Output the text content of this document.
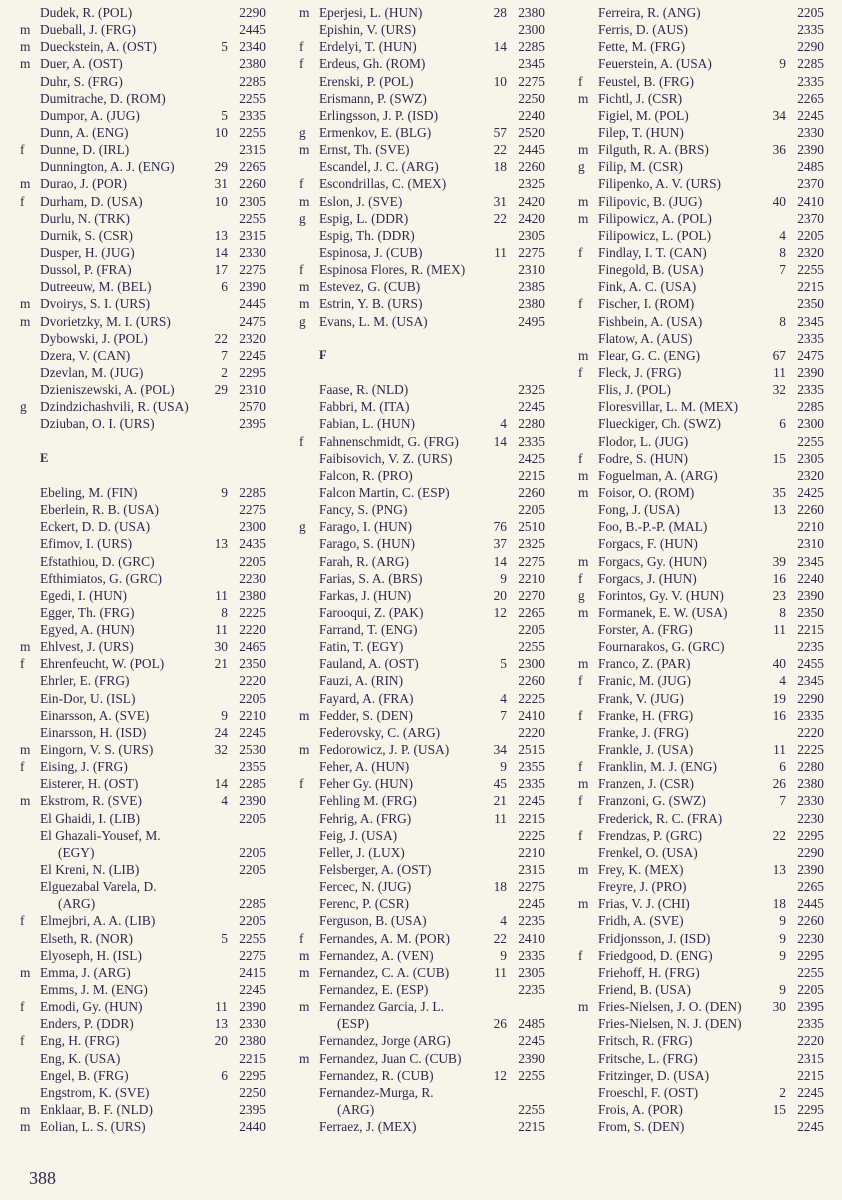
Dudek, R. (POL)	2290
m Dueball, J. (FRG)	2445
m Dueckstein, A. (OST)	5 2340
m Duer, A. (OST)	2380
Duhr, S. (FRG)	2285
Dumitrache, D. (ROM)	2255
Dumpor, A. (JUG)	5 2335
Dunn, A. (ENG)	10 2255
f	Dunne, D. (IRL)	2315
Dunnington, A. J. (ENG)	29 2265
m Durao, J. (POR)	31 2260
f	Durham, D. (USA)	10 2305
Durlu, N. (TRK)	2255
Durnik, S. (CSR)	13 2315
Dusper, H. (JUG)	14 2330
Dussol, P. (FRA)	17 2275
Dutreeuw, M. (BEL)	6 2390
m Dvoirys, S. I. (URS)	2445
m Dvorietzky, M. I. (URS)	2475
Dybowski, J. (POL)	22 2320
Dzera, V. (CAN)	7 2245
Dzevlan, M. (JUG)	2 2295
Dzieniszewski, A. (POL)	29 2310
g Dzindzichashvili, R. (USA)	2570
Dziuban, O. I. (URS)	2395
E
Ebeling, M. (FIN)	9 2285
Eberlein, R. B. (USA)	2275
Eckert, D. D. (USA)	2300
Efimov, I. (URS)	13 2435
Efstathiou, D. (GRC)	2205
Efthimiatos, G. (GRC)	2230
Egedi, I. (HUN)	11 2380
Egger, Th. (FRG)	8 2225
Egyed, A. (HUN)	11 2220
m Ehlvest, J. (URS)	30 2465
f	Ehrenfeucht, W. (POL)	21 2350
Ehrler, E. (FRG)	2220
Ein-Dor, U. (ISL)	2205
Einarsson, A. (SVE)	9 2210
Einarsson, H. (ISD)	24 2245
m Eingorn, V. S. (URS)	32 2530
f	Eising, J. (FRG)	2355
Eisterer, H. (OST)	14 2285
m Ekstrom, R. (SVE)	4 2390
El Ghaidi, I. (LIB)	2205
El Ghazali-Yousef, M.
(EGY)	2205
El Kreni, N. (LIB)	2205
Elguezabal Varela, D.
(ARG)	2285
f	Elmejbri, A. A. (LIB)	2205
Elseth, R. (NOR)	5 2255
Elyoseph, H. (ISL)	2275
m Emma, J. (ARG)	2415
Emms, J. M. (ENG)	2245
f	Emodi, Gy. (HUN)	11 2390
Enders, P. (DDR)	13 2330
f	Eng, H. (FRG)	20 2380
Eng, K. (USA)	2215
Engel, B. (FRG)	6 2295
Engstrom, K. (SVE)	2250
m Enklaar, B. F. (NLD)	2395
m Eolian, L. S. (URS)	2440
m Eperjesi, L. (HUN)	28 2380
Epishin, V. (URS)	2300
f	Erdelyi, T. (HUN)	14 2285
f	Erdeus, Gh. (ROM)	2345
Erenski, P. (POL)	10 2275
Erismann, P. (SWZ)	2250
Erlingsson, J. P. (ISD)	2240
g Ermenkov, E. (BLG)	57 2520
m Ernst, Th. (SVE)	22 2445
Escandel, J. C. (ARG)	18 2260
f	Escondrillas, C. (MEX)	2325
m Eslon, J. (SVE)	31 2420
g Espig, L. (DDR)	22 2420
Espig, Th. (DDR)	2305
Espinosa, J. (CUB)	11 2275
f	Espinosa Flores, R. (MEX)	2310
m Estevez, G. (CUB)	2385
m Estrin, Y. B. (URS)	2380
g Evans, L. M. (USA)	2495
F
Faase, R. (NLD)	2325
Fabbri, M. (ITA)	2245
Fabian, L. (HUN)	4 2280
f	Fahnenschmidt, G. (FRG)	14 2335
Faibisovich, V. Z. (URS)	2425
Falcon, R. (PRO)	2215
Falcon Martin, C. (ESP)	2260
Fancy, S. (PNG)	2205
g Farago, I. (HUN)	76 2510
Farago, S. (HUN)	37 2325
Farah, R. (ARG)	14 2275
Farias, S. A. (BRS)	9 2210
Farkas, J. (HUN)	20 2270
Farooqui, Z. (PAK)	12 2265
Farrand, T. (ENG)	2205
Fatin, T. (EGY)	2255
Fauland, A. (OST)	5 2300
Fauzi, A. (RIN)	2260
Fayard, A. (FRA)	4 2225
m Fedder, S. (DEN)	7 2410
Federovsky, C. (ARG)	2220
m Fedorowicz, J. P. (USA)	34 2515
Feher, A. (HUN)	9 2355
f	Feher Gy. (HUN)	45 2335
Fehling M. (FRG)	21 2245
Fehrig, A. (FRG)	11 2215
Feig, J. (USA)	2225
Feller, J. (LUX)	2210
Felsberger, A. (OST)	2315
Fercec, N. (JUG)	18 2275
Ferenc, P. (CSR)	2245
Ferguson, B. (USA)	4 2235
f	Fernandes, A. M. (POR)	22 2410
m Fernandez, A. (VEN)	9 2335
m Fernandez, C. A. (CUB)	11 2305
Fernandez, E. (ESP)	2235
m Fernandez Garcia, J. L.
(ESP)	26 2485
Fernandez, Jorge (ARG)	2245
m Fernandez, Juan C. (CUB)	2390
Fernandez, R. (CUB)	12 2255
Fernandez-Murga, R.
(ARG)	2255
Ferraez, J. (MEX)	2215
Ferreira, R. (ANG)	2205
Ferris, D. (AUS)	2335
Fette, M. (FRG)	2290
Feuerstein, A. (USA)	9 2285
f	Feustel, B. (FRG)	2335
m Fichtl, J. (CSR)	2265
Figiel, M. (POL)	34 2245
Filep, T. (HUN)	2330
m Filguth, R. A. (BRS)	36 2390
g Filip, M. (CSR)	2485
Filipenko, A. V. (URS)	2370
m Filipovic, B. (JUG)	40 2410
m Filipowicz, A. (POL)	2370
Filipowicz, L. (POL)	4 2205
f	Findlay, I. T. (CAN)	8 2320
Finegold, B. (USA)	7 2255
Fink, A. C. (USA)	2215
f	Fischer, I. (ROM)	2350
Fishbein, A. (USA)	8 2345
Flatow, A. (AUS)	2335
m Flear, G. C. (ENG)	67 2475
f	Fleck, J. (FRG)	11 2390
Flis, J. (POL)	32 2335
Floresvillar, L. M. (MEX)	2285
Flueckiger, Ch. (SWZ)	6 2300
Flodor, L. (JUG)	2255
f	Fodre, S. (HUN)	15 2305
m Foguelman, A. (ARG)	2320
m Foisor, O. (ROM)	35 2425
Fong, J. (USA)	13 2260
Foo, B.-P.-P. (MAL)	2210
Forgacs, F. (HUN)	2310
m Forgacs, Gy. (HUN)	39 2345
f	Forgacs, J. (HUN)	16 2240
g Forintos, Gy. V. (HUN)	23 2390
m Formanek, E. W. (USA)	8 2350
Forster, A. (FRG)	11 2215
Fournarakos, G. (GRC)	2235
m Franco, Z. (PAR)	40 2455
f	Franic, M. (JUG)	4 2345
Frank, V. (JUG)	19 2290
f	Franke, H. (FRG)	16 2335
Franke, J. (FRG)	2220
Frankle, J. (USA)	11 2225
f	Franklin, M. J. (ENG)	6 2280
m Franzen, J. (CSR)	26 2380
f	Franzoni, G. (SWZ)	7 2330
Frederick, R. C. (FRA)	2230
f	Frendzas, P. (GRC)	22 2295
Frenkel, O. (USA)	2290
m Frey, K. (MEX)	13 2390
Freyre, J. (PRO)	2265
m Frias, V. J. (CHI)	18 2445
Fridh, A. (SVE)	9 2260
Fridjonsson, J. (ISD)	9 2230
f	Friedgood, D. (ENG)	9 2295
Friehoff, H. (FRG)	2255
Friend, B. (USA)	9 2205
m Fries-Nielsen, J. O. (DEN)	30 2395
Fries-Nielsen, N. J. (DEN)	2335
Fritsch, R. (FRG)	2220
Fritsche, L. (FRG)	2315
Fritzinger, D. (USA)	2215
Froeschl, F. (OST)	2 2245
Frois, A. (POR)	15 2295
From, S. (DEN)	2245
388
